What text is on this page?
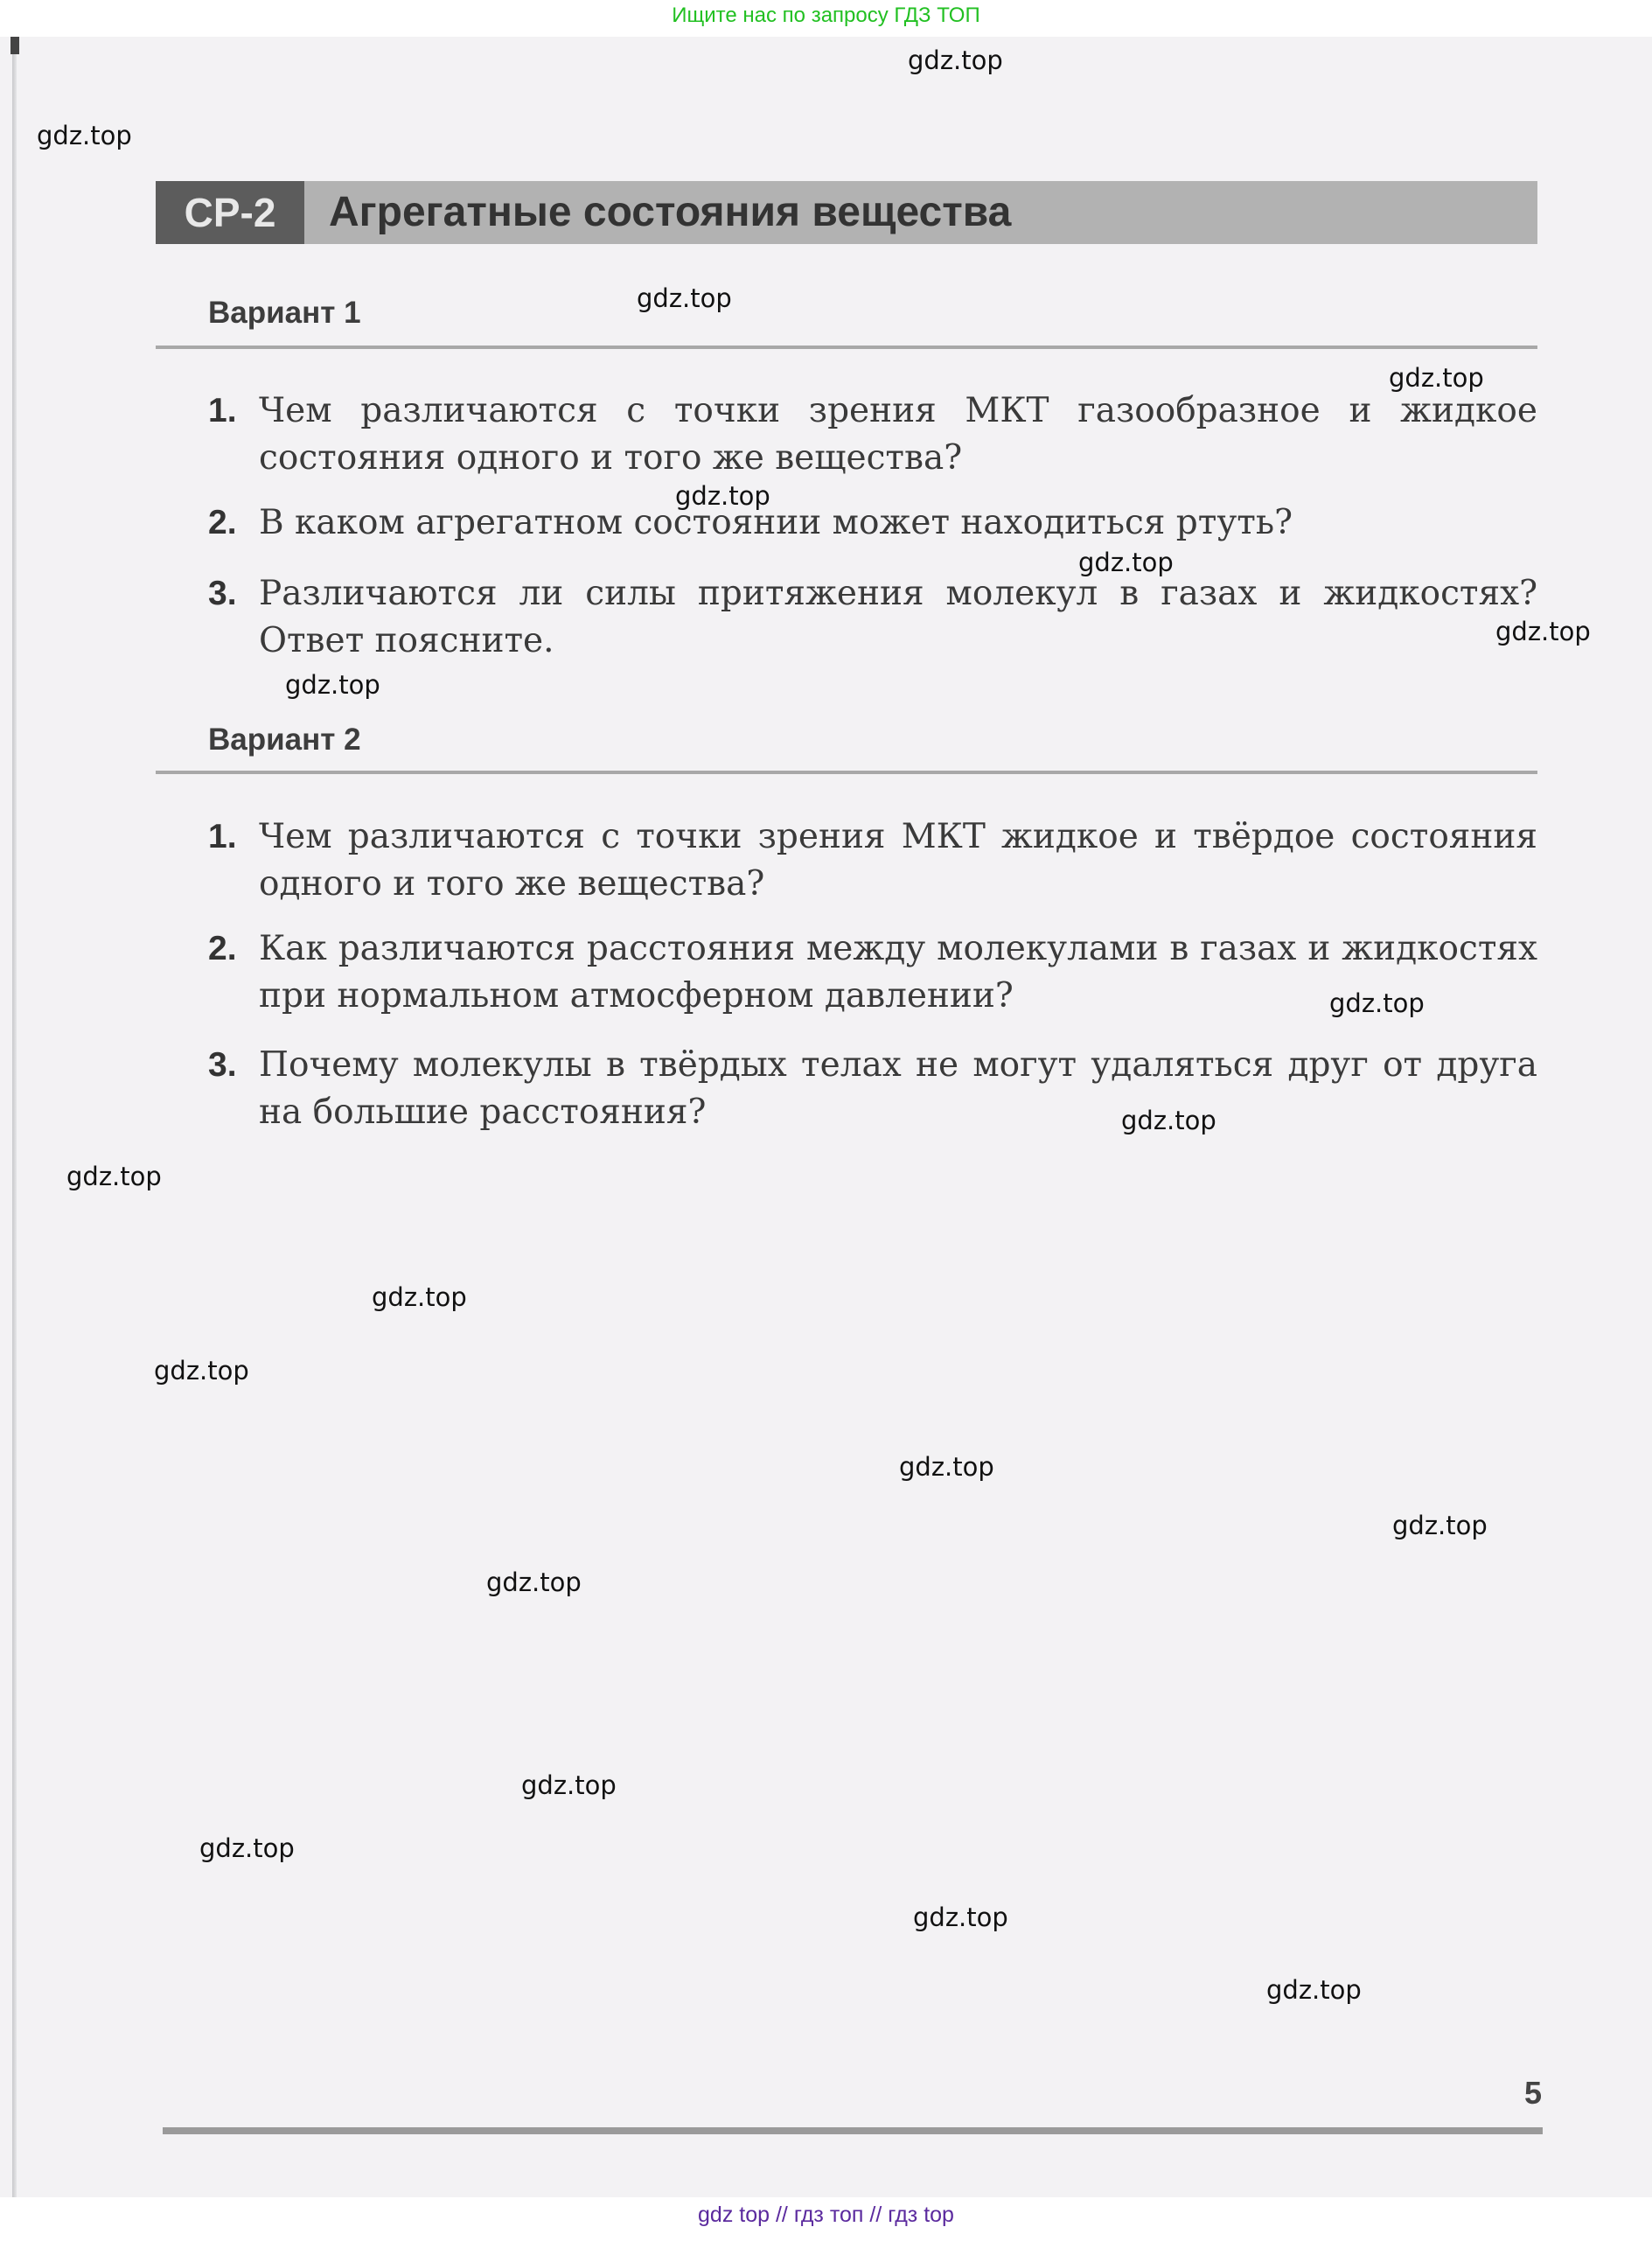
Ищите нас по запросу ГДЗ ТОП
СР-2	Агрегатные состояния вещества
Вариант 1
1. Чем различаются с точки зрения МКТ газообразное и жидкое состояния одного и того же вещества?
2. В каком агрегатном состоянии может находиться ртуть?
3. Различаются ли силы притяжения молекул в газах и жидкостях? Ответ поясните.
Вариант 2
1. Чем различаются с точки зрения МКТ жидкое и твёрдое состояния одного и того же вещества?
2. Как различаются расстояния между молекулами в газах и жидкостях при нормальном атмосферном давлении?
3. Почему молекулы в твёрдых телах не могут удаляться друг от друга на большие расстояния?
gdz.top
gdz.top
gdz.top
gdz.top
gdz.top
gdz.top
gdz.top
gdz.top
gdz.top
gdz.top
gdz.top
gdz.top
gdz.top
gdz.top
gdz.top
gdz.top
gdz.top
gdz.top
gdz.top
gdz.top
5
gdz top // гдз топ // гдз top
